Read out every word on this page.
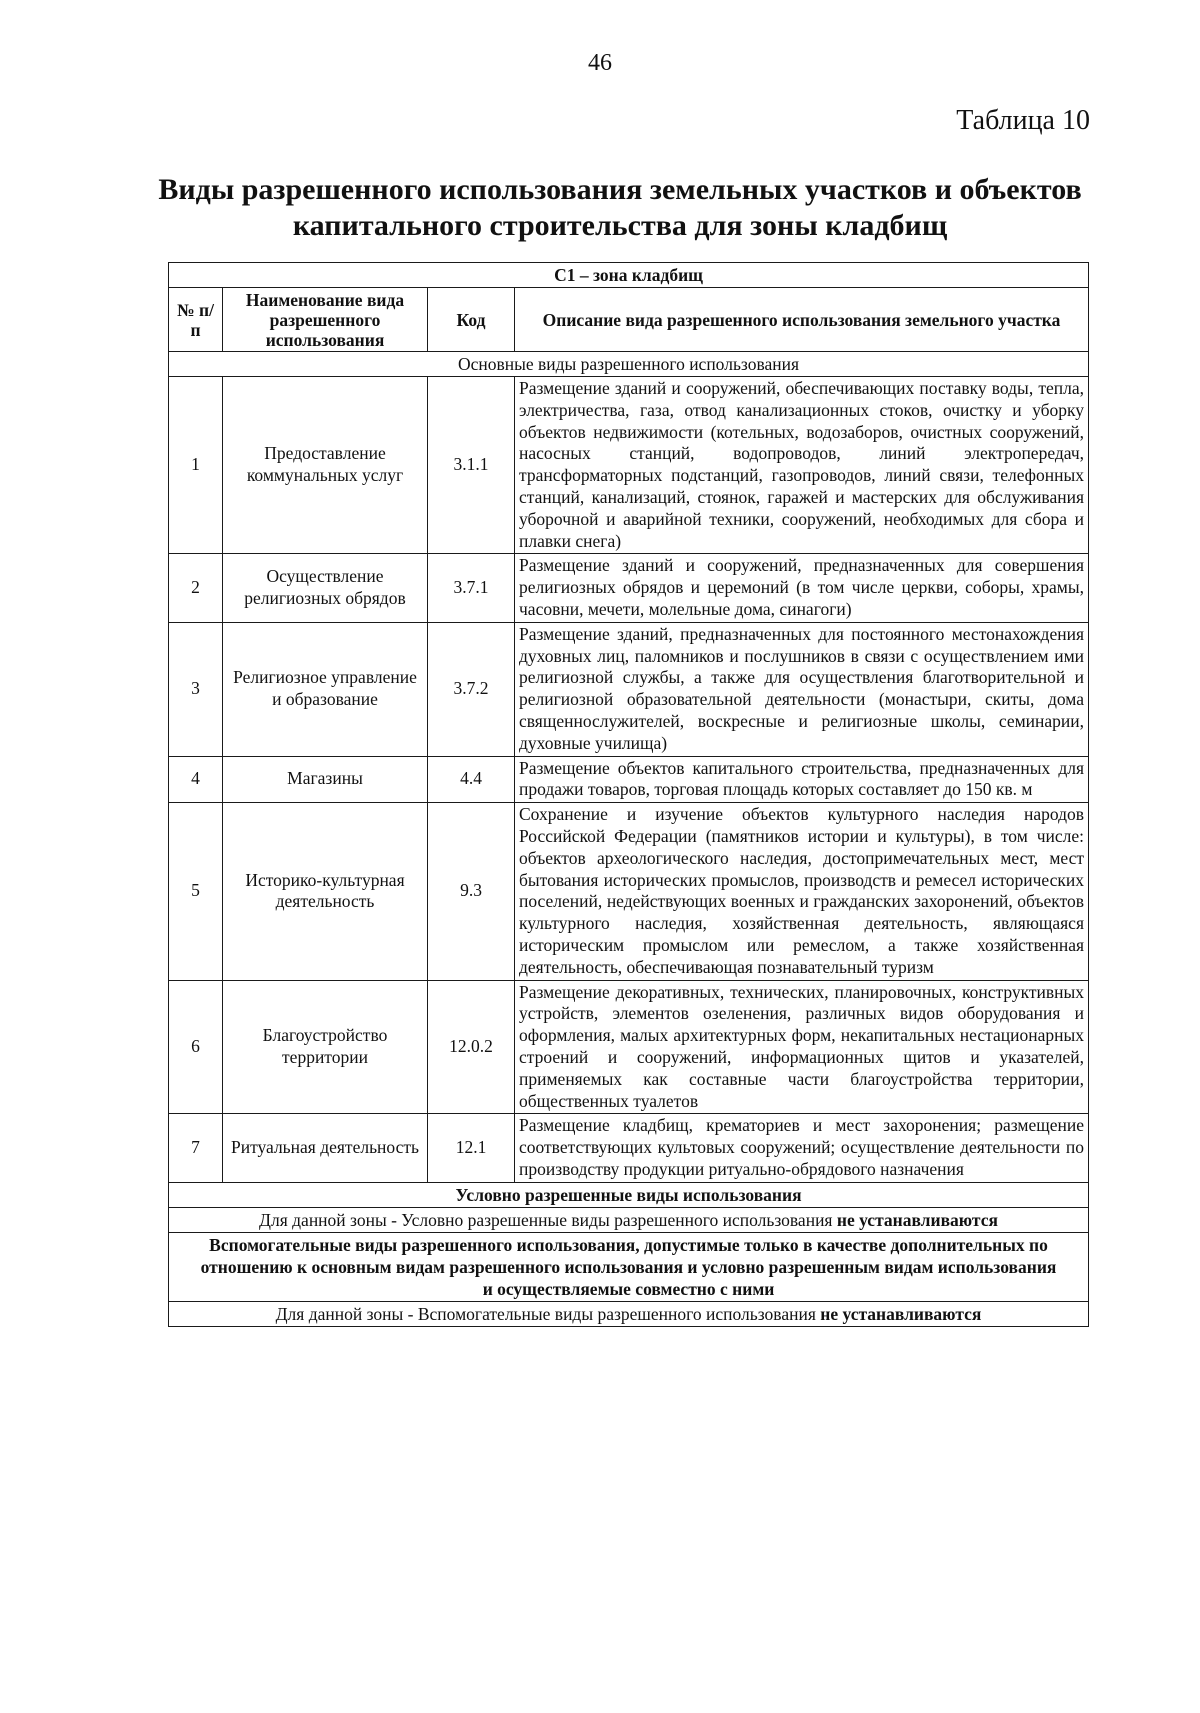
46
Таблица 10
Виды разрешенного использования земельных участков и объектов
капитального строительства для зоны кладбищ
С1 – зона кладбищ			
№ п/п	Наименование вида разрешенного использования	Код	Описание вида разрешенного использования земельного участка
Основные виды разрешенного использования			
1	Предоставление коммунальных услуг	3.1.1	Размещение зданий и сооружений, обеспечивающих поставку воды, тепла, электричества, газа, отвод канализационных стоков, очистку и уборку объектов недвижимости (котельных, водозаборов, очистных сооружений, насосных станций, водопроводов, линий электропередач, трансформаторных подстанций, газопроводов, линий связи, телефонных станций, канализаций, стоянок, гаражей и мастерских для обслуживания уборочной и аварийной техники, сооружений, необходимых для сбора и плавки снега)
2	Осуществление религиозных обрядов	3.7.1	Размещение зданий и сооружений, предназначенных для совершения религиозных обрядов и церемоний (в том числе церкви, соборы, храмы, часовни, мечети, молельные дома, синагоги)
3	Религиозное управление и образование	3.7.2	Размещение зданий, предназначенных для постоянного местонахождения духовных лиц, паломников и послушников в связи с осуществлением ими религиозной службы, а также для осуществления благотворительной и религиозной образовательной деятельности (монастыри, скиты, дома священнослужителей, воскресные и религиозные школы, семинарии, духовные училища)
4	Магазины	4.4	Размещение объектов капитального строительства, предназначенных для продажи товаров, торговая площадь которых составляет до 150 кв. м
5	Историко-культурная деятельность	9.3	Сохранение и изучение объектов культурного наследия народов Российской Федерации (памятников истории и культуры), в том числе: объектов археологического наследия, достопримечательных мест, мест бытования исторических промыслов, производств и ремесел исторических поселений, недействующих военных и гражданских захоронений, объектов культурного наследия, хозяйственная деятельность, являющаяся историческим промыслом или ремеслом, а также хозяйственная деятельность, обеспечивающая познавательный туризм
6	Благоустройство территории	12.0.2	Размещение декоративных, технических, планировочных, конструктивных устройств, элементов озеленения, различных видов оборудования и оформления, малых архитектурных форм, некапитальных нестационарных строений и сооружений, информационных щитов и указателей, применяемых как составные части благоустройства территории, общественных туалетов
7	Ритуальная деятельность	12.1	Размещение кладбищ, крематориев и мест захоронения; размещение соответствующих культовых сооружений; осуществление деятельности по производству продукции ритуально-обрядового назначения
Условно разрешенные виды использования			
Для данной зоны - Условно разрешенные виды разрешенного использования не устанавливаются			
Вспомогательные виды разрешенного использования, допустимые только в качестве дополнительных по отношению к основным видам разрешенного использования и условно разрешенным видам использования и осуществляемые совместно с ними			
Для данной зоны - Вспомогательные виды разрешенного использования не устанавливаются			
